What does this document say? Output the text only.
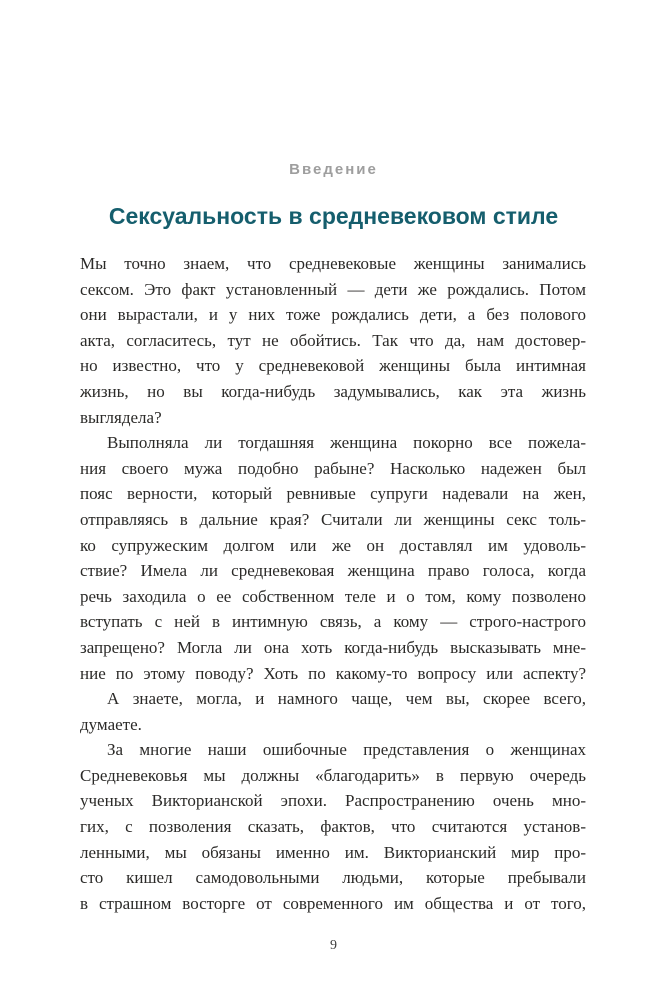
Введение
Сексуальность в средневековом стиле
Мы точно знаем, что средневековые женщины занимались
сексом. Это факт установленный — дети же рождались. Потом
они вырастали, и у них тоже рождались дети, а без полового
акта, согласитесь, тут не обойтись. Так что да, нам достовер-
но известно, что у средневековой женщины была интимная
жизнь, но вы когда-нибудь задумывались, как эта жизнь
выглядела?
Выполняла ли тогдашняя женщина покорно все пожела-
ния своего мужа подобно рабыне? Насколько надежен был
пояс верности, который ревнивые супруги надевали на жен,
отправляясь в дальние края? Считали ли женщины секс толь-
ко супружеским долгом или же он доставлял им удоволь-
ствие? Имела ли средневековая женщина право голоса, когда
речь заходила о ее собственном теле и о том, кому позволено
вступать с ней в интимную связь, а кому — строго-настрого
запрещено? Могла ли она хоть когда-нибудь высказывать мне-
ние по этому поводу? Хоть по какому-то вопросу или аспекту?
А знаете, могла, и намного чаще, чем вы, скорее всего,
думаете.
За многие наши ошибочные представления о женщинах
Средневековья мы должны «благодарить» в первую очередь
ученых Викторианской эпохи. Распространению очень мно-
гих, с позволения сказать, фактов, что считаются установ-
ленными, мы обязаны именно им. Викторианский мир про-
сто кишел самодовольными людьми, которые пребывали
в страшном восторге от современного им общества и от того,
9
